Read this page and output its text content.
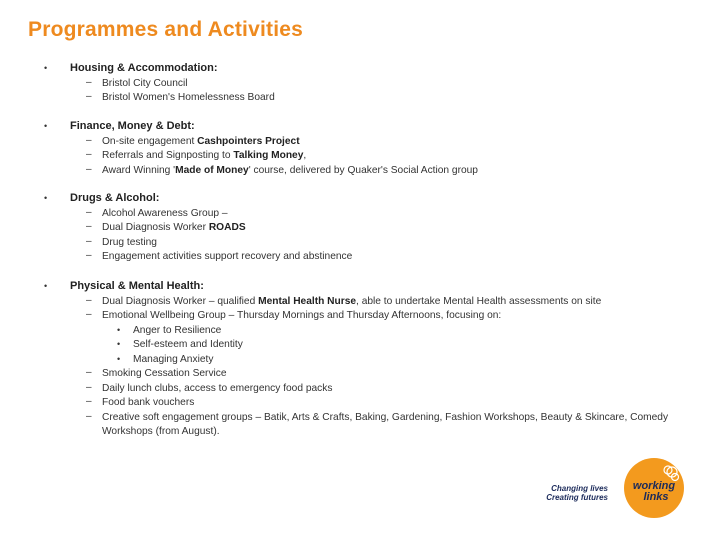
Programmes and Activities
• Housing & Accommodation:
– Bristol City Council
– Bristol Women's Homelessness Board
• Finance, Money & Debt:
– On-site engagement Cashpointers Project
– Referrals and Signposting to Talking Money,
– Award Winning 'Made of Money' course, delivered by Quaker's Social Action group
• Drugs & Alcohol:
– Alcohol Awareness Group –
– Dual Diagnosis Worker ROADS
– Drug testing
– Engagement activities support recovery and abstinence
• Physical & Mental Health:
– Dual Diagnosis Worker – qualified Mental Health Nurse, able to undertake Mental Health assessments on site
– Emotional Wellbeing Group – Thursday Mornings and Thursday Afternoons, focusing on:
• Anger to Resilience
• Self-esteem and Identity
• Managing Anxiety
– Smoking Cessation Service
– Daily lunch clubs, access to emergency food packs
– Food bank vouchers
– Creative soft engagement groups – Batik, Arts & Crafts, Baking, Gardening, Fashion Workshops, Beauty & Skincare, Comedy
Workshops (from August).
Changing lives
Creating futures
working
links
